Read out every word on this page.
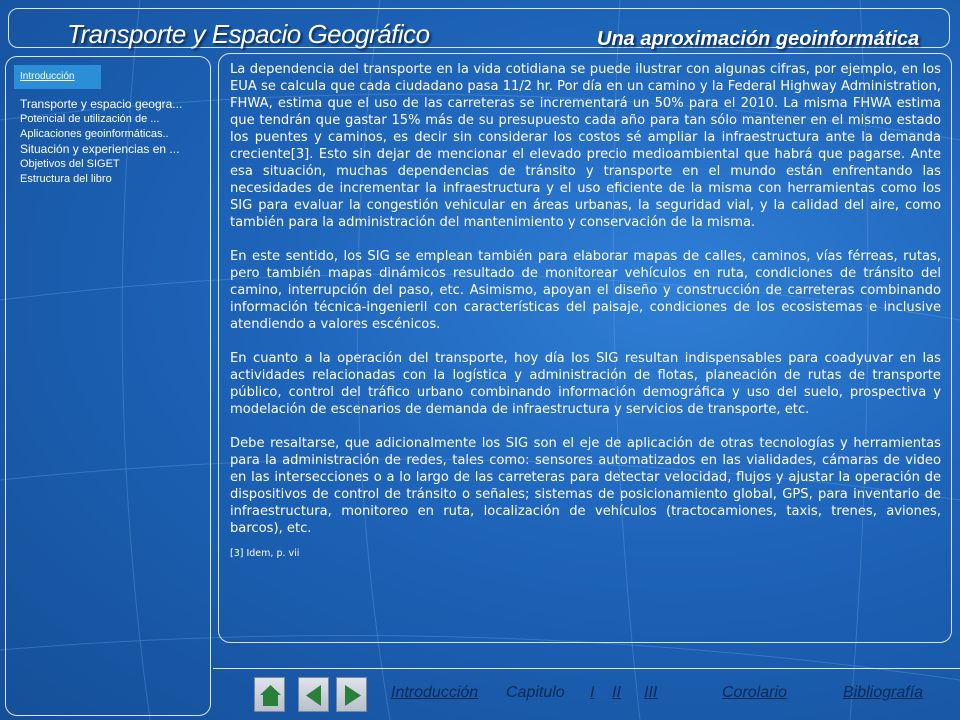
Transporte y Espacio Geográfico	Una aproximación geoinformática
Introducción
Transporte y espacio geogra...
Potencial de utilización de ...
Aplicaciones geoinformáticas..
Situación y experiencias en ...
Objetivos del SIGET
Estructura del libro

La dependencia del transporte en la vida cotidiana se puede ilustrar con algunas cifras, por ejemplo, en los EUA se calcula que cada ciudadano pasa 11/2 hr. Por día en un camino y la Federal Highway Administration, FHWA, estima que el uso de las carreteras se incrementará un 50% para el 2010. La misma FHWA estima que tendrán que gastar 15% más de su presupuesto cada año para tan sólo mantener en el mismo estado los puentes y caminos, es decir sin considerar los costos sé ampliar la infraestructura ante la demanda creciente[3]. Esto sin dejar de mencionar el elevado precio medioambiental que habrá que pagarse. Ante esa situación, muchas dependencias de tránsito y transporte en el mundo están enfrentando las necesidades de incrementar la infraestructura y el uso eficiente de la misma con herramientas como los SIG para evaluar la congestión vehicular en áreas urbanas, la seguridad vial, y la calidad del aire, como también para la administración del mantenimiento y conservación de la misma.

En este sentido, los SIG se emplean también para elaborar mapas de calles, caminos, vías férreas, rutas, pero también mapas dinámicos resultado de monitorear vehículos en ruta, condiciones de tránsito del camino, interrupción del paso, etc. Asimismo, apoyan el diseño y construcción de carreteras combinando información técnica-ingenieril con características del paisaje, condiciones de los ecosistemas e inclusive atendiendo a valores escénicos.

En cuanto a la operación del transporte, hoy día los SIG resultan indispensables para coadyuvar en las actividades relacionadas con la logística y administración de flotas, planeación de rutas de transporte público, control del tráfico urbano combinando información demográfica y uso del suelo, prospectiva y modelación de escenarios de demanda de infraestructura y servicios de transporte, etc.

Debe resaltarse, que adicionalmente los SIG son el eje de aplicación de otras tecnologías y herramientas para la administración de redes, tales como: sensores automatizados en las vialidades, cámaras de video en las intersecciones o a lo largo de las carreteras para detectar velocidad, flujos y ajustar la operación de dispositivos de control de tránsito o señales; sistemas de posicionamiento global, GPS, para inventario de infraestructura, monitoreo en ruta, localización de vehículos (tractocamiones, taxis, trenes, aviones, barcos), etc.

[3] Idem, p. vii

Introducción Capitulo I II III	Corolario	Bibliografía
